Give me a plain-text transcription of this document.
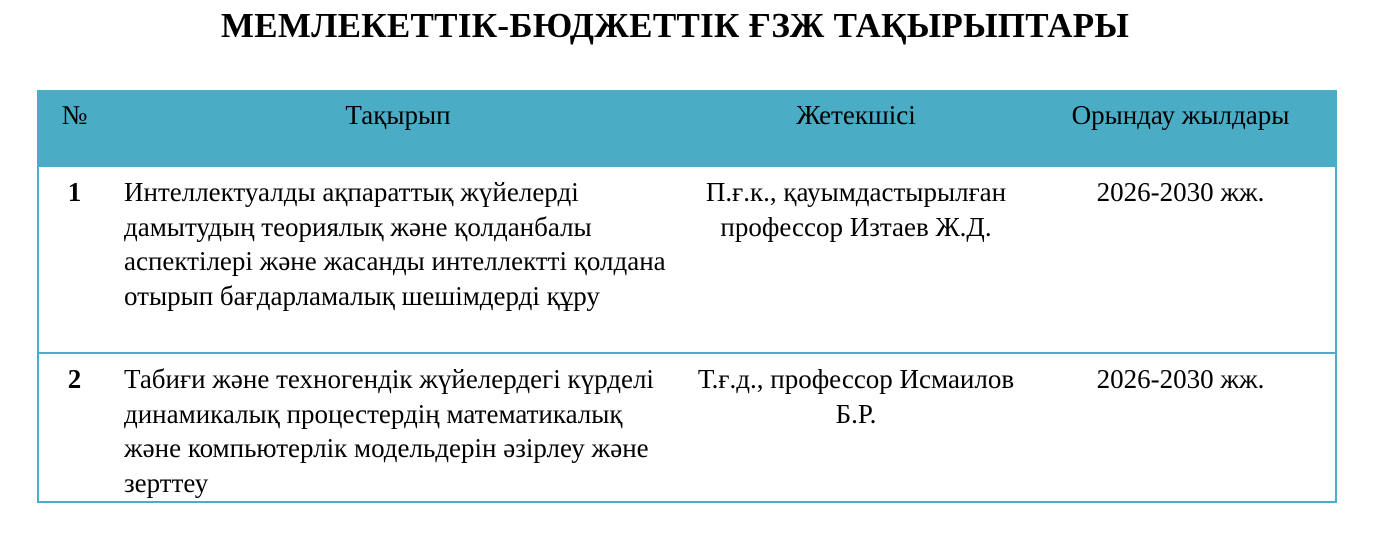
МЕМЛЕКЕТТІК-БЮДЖЕТТІК ҒЗЖ ТАҚЫРЫПТАРЫ
№	Тақырып	Жетекшісі	Орындау жылдары
1	Интеллектуалды ақпараттық жүйелерді дамытудың теориялық және қолданбалы аспектілері және жасанды интеллектті қолдана отырып бағдарламалық шешімдерді құру	П.ғ.к., қауымдастырылған профессор Изтаев Ж.Д.	2026-2030 жж.
2	Табиғи және техногендік жүйелердегі күрделі динамикалық процестердің математикалық және компьютерлік модельдерін әзірлеу және зерттеу	Т.ғ.д., профессор Исмаилов Б.Р.	2026-2030 жж.
